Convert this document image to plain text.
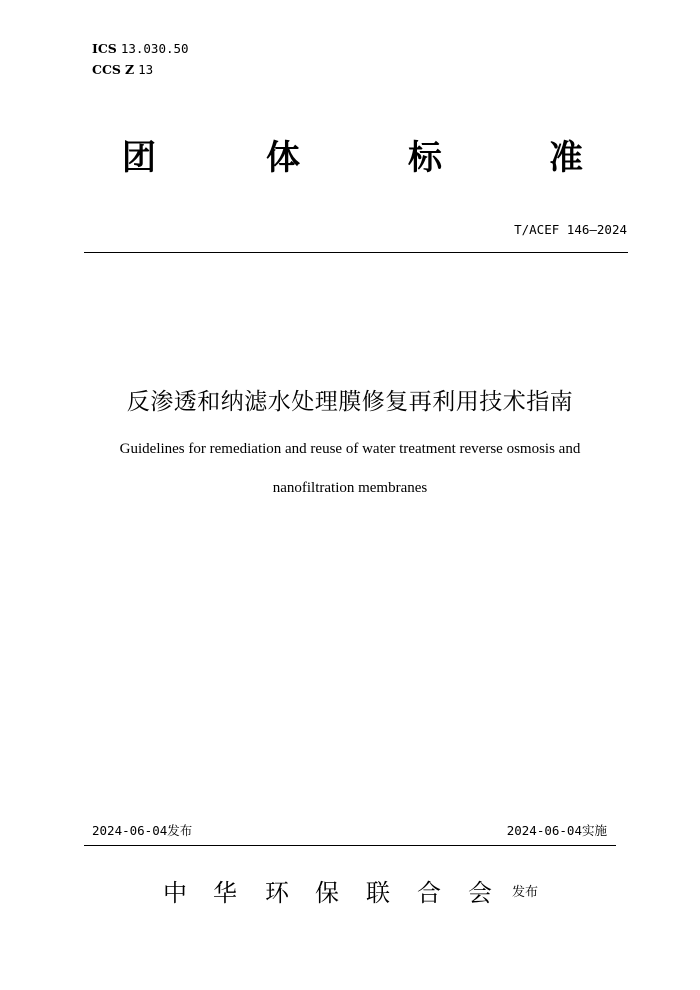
ICS 13.030.50
CCS Z 13
团	体	标	准
T/ACEF 146—2024
反渗透和纳滤水处理膜修复再利用技术指南
Guidelines for remediation and reuse of water treatment reverse osmosis and
nanofiltration membranes
2024-06-04发布	2024-06-04实施
中	华	环	保	联	合	会	发布
